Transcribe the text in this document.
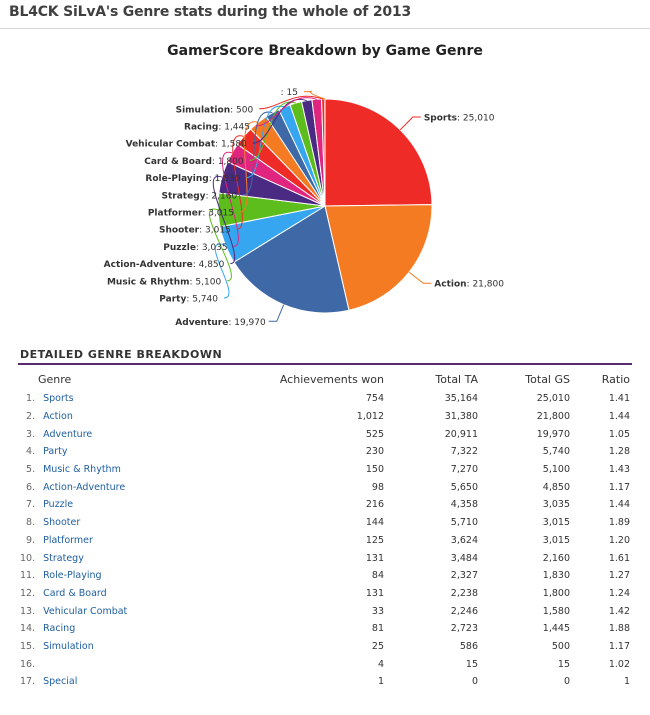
BL4CK SiLvA's Genre stats during the whole of 2013
GamerScore Breakdown by Game Genre
Sports: 25,010
Action: 21,800
Adventure: 19,970
Party: 5,740
Music & Rhythm: 5,100
Action-Adventure: 4,850
Puzzle: 3,035
Shooter: 3,015
Platformer: 3,015
Strategy: 2,160
Role-Playing: 1,830
Card & Board: 1,800
Vehicular Combat: 1,580
Racing: 1,445
Simulation: 500
: 15
DETAILED GENRE BREAKDOWN
Genre		Achievements won	Total TA	Total GS	Ratio
1.	Sports	754	35,164	25,010	1.41
2.	Action	1,012	31,380	21,800	1.44
3.	Adventure	525	20,911	19,970	1.05
4.	Party	230	7,322	5,740	1.28
5.	Music & Rhythm	150	7,270	5,100	1.43
6.	Action-Adventure	98	5,650	4,850	1.17
7.	Puzzle	216	4,358	3,035	1.44
8.	Shooter	144	5,710	3,015	1.89
9.	Platformer	125	3,624	3,015	1.20
10.	Strategy	131	3,484	2,160	1.61
11.	Role-Playing	84	2,327	1,830	1.27
12.	Card & Board	131	2,238	1,800	1.24
13.	Vehicular Combat	33	2,246	1,580	1.42
14.	Racing	81	2,723	1,445	1.88
15.	Simulation	25	586	500	1.17
16.		4	15	15	1.02
17.	Special	1	0	0	1
